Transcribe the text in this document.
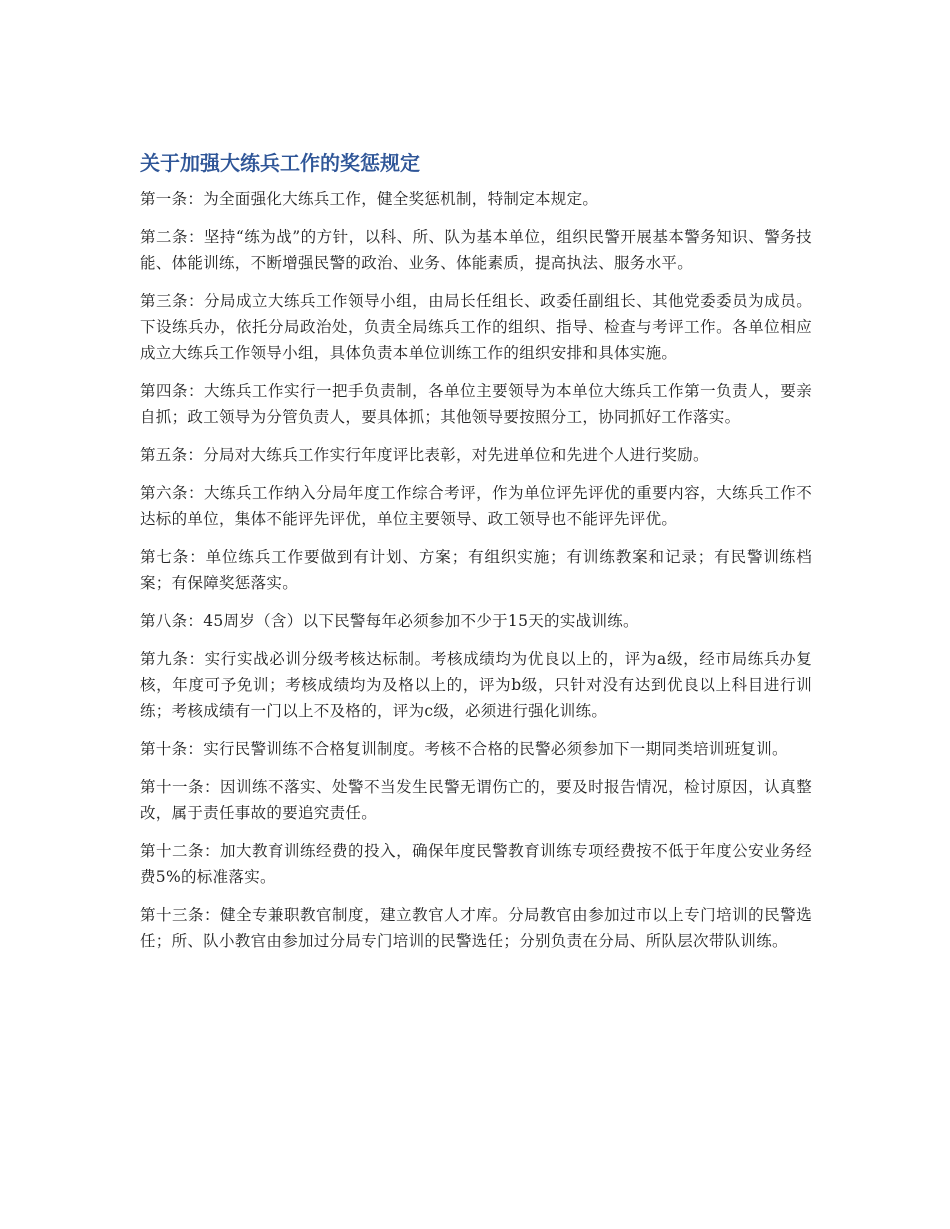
关于加强大练兵工作的奖惩规定

第一条：为全面强化大练兵工作，健全奖惩机制，特制定本规定。

第二条：坚持“练为战”的方针，以科、所、队为基本单位，组织民警开展基本警务知识、警务技能、体能训练，不断增强民警的政治、业务、体能素质，提高执法、服务水平。

第三条：分局成立大练兵工作领导小组，由局长任组长、政委任副组长、其他党委委员为成员。下设练兵办，依托分局政治处，负责全局练兵工作的组织、指导、检查与考评工作。各单位相应成立大练兵工作领导小组，具体负责本单位训练工作的组织安排和具体实施。

第四条：大练兵工作实行一把手负责制，各单位主要领导为本单位大练兵工作第一负责人，要亲自抓；政工领导为分管负责人，要具体抓；其他领导要按照分工，协同抓好工作落实。

第五条：分局对大练兵工作实行年度评比表彰，对先进单位和先进个人进行奖励。

第六条：大练兵工作纳入分局年度工作综合考评，作为单位评先评优的重要内容，大练兵工作不达标的单位，集体不能评先评优，单位主要领导、政工领导也不能评先评优。

第七条：单位练兵工作要做到有计划、方案；有组织实施；有训练教案和记录；有民警训练档案；有保障奖惩落实。

第八条：45周岁（含）以下民警每年必须参加不少于15天的实战训练。

第九条：实行实战必训分级考核达标制。考核成绩均为优良以上的，评为a级，经市局练兵办复核，年度可予免训；考核成绩均为及格以上的，评为b级，只针对没有达到优良以上科目进行训练；考核成绩有一门以上不及格的，评为c级，必须进行强化训练。

第十条：实行民警训练不合格复训制度。考核不合格的民警必须参加下一期同类培训班复训。

第十一条：因训练不落实、处警不当发生民警无谓伤亡的，要及时报告情况，检讨原因，认真整改，属于责任事故的要追究责任。

第十二条：加大教育训练经费的投入，确保年度民警教育训练专项经费按不低于年度公安业务经费5%的标准落实。

第十三条：健全专兼职教官制度，建立教官人才库。分局教官由参加过市以上专门培训的民警选任；所、队小教官由参加过分局专门培训的民警选任；分别负责在分局、所队层次带队训练。
